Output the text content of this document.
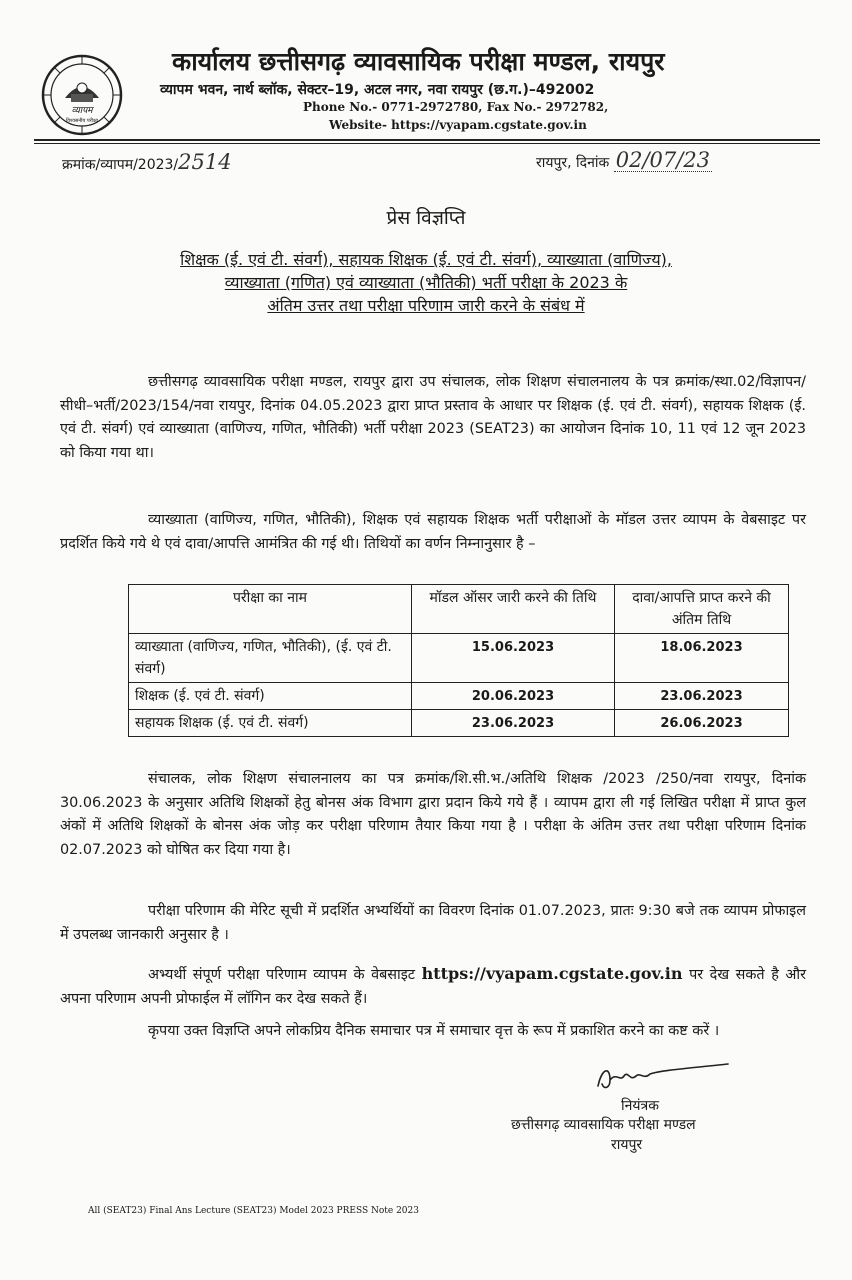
व्यापम
विश्वसनीय परीक्षा
कार्यालय छत्तीसगढ़ व्यावसायिक परीक्षा मण्डल, रायपुर
व्यापम भवन, नार्थ ब्लॉक, सेक्टर–19, अटल नगर, नवा रायपुर (छ.ग.)–492002
Phone No.- 0771-2972780, Fax No.- 2972782,
Website- https://vyapam.cgstate.gov.in
क्रमांक/व्यापम/2023/2514	रायपुर, दिनांक 02/07/23
प्रेस विज्ञप्ति
शिक्षक (ई. एवं टी. संवर्ग), सहायक शिक्षक (ई. एवं टी. संवर्ग), व्याख्याता (वाणिज्य),
व्याख्याता (गणित) एवं व्याख्याता (भौतिकी) भर्ती परीक्षा के 2023 के
अंतिम उत्तर तथा परीक्षा परिणाम जारी करने के संबंध में

छत्तीसगढ़ व्यावसायिक परीक्षा मण्डल, रायपुर द्वारा उप संचालक, लोक शिक्षण संचालनालय के पत्र क्रमांक/स्था.02/विज्ञापन/ सीधी–भर्ती/2023/154/नवा रायपुर, दिनांक 04.05.2023 द्वारा प्राप्त प्रस्ताव के आधार पर शिक्षक (ई. एवं टी. संवर्ग), सहायक शिक्षक (ई. एवं टी. संवर्ग) एवं व्याख्याता (वाणिज्य, गणित, भौतिकी) भर्ती परीक्षा 2023 (SEAT23) का आयोजन दिनांक 10, 11 एवं 12 जून 2023 को किया गया था।

व्याख्याता (वाणिज्य, गणित, भौतिकी), शिक्षक एवं सहायक शिक्षक भर्ती परीक्षाओं के मॉडल उत्तर व्यापम के वेबसाइट पर प्रदर्शित किये गये थे एवं दावा/आपत्ति आमंत्रित की गई थी। तिथियों का वर्णन निम्नानुसार है –

परीक्षा का नाम	मॉडल ऑसर जारी करने की तिथि	दावा/आपत्ति प्राप्त करने की अंतिम तिथि
व्याख्याता (वाणिज्य, गणित, भौतिकी), (ई. एवं टी. संवर्ग)	15.06.2023	18.06.2023
शिक्षक (ई. एवं टी. संवर्ग)	20.06.2023	23.06.2023
सहायक शिक्षक (ई. एवं टी. संवर्ग)	23.06.2023	26.06.2023

संचालक, लोक शिक्षण संचालनालय का पत्र क्रमांक/शि.सी.भ./अतिथि शिक्षक /2023 /250/नवा रायपुर, दिनांक 30.06.2023 के अनुसार अतिथि शिक्षकों हेतु बोनस अंक विभाग द्वारा प्रदान किये गये हैं । व्यापम द्वारा ली गई लिखित परीक्षा में प्राप्त कुल अंकों में अतिथि शिक्षकों के बोनस अंक जोड़ कर परीक्षा परिणाम तैयार किया गया है । परीक्षा के अंतिम उत्तर तथा परीक्षा परिणाम दिनांक 02.07.2023 को घोषित कर दिया गया है।

परीक्षा परिणाम की मेरिट सूची में प्रदर्शित अभ्यर्थियों का विवरण दिनांक 01.07.2023, प्रातः 9:30 बजे तक व्यापम प्रोफाइल में उपलब्ध जानकारी अनुसार है ।

अभ्यर्थी संपूर्ण परीक्षा परिणाम व्यापम के वेबसाइट https://vyapam.cgstate.gov.in पर देख सकते है और अपना परिणाम अपनी प्रोफाईल में लॉगिन कर देख सकते हैं।

कृपया उक्त विज्ञप्ति अपने लोकप्रिय दैनिक समाचार पत्र में समाचार वृत्त के रूप में प्रकाशित करने का कष्ट करें ।

नियंत्रक
छत्तीसगढ़ व्यावसायिक परीक्षा मण्डल
रायपुर
All (SEAT23) Final Ans Lecture (SEAT23) Model 2023 PRESS Note 2023
